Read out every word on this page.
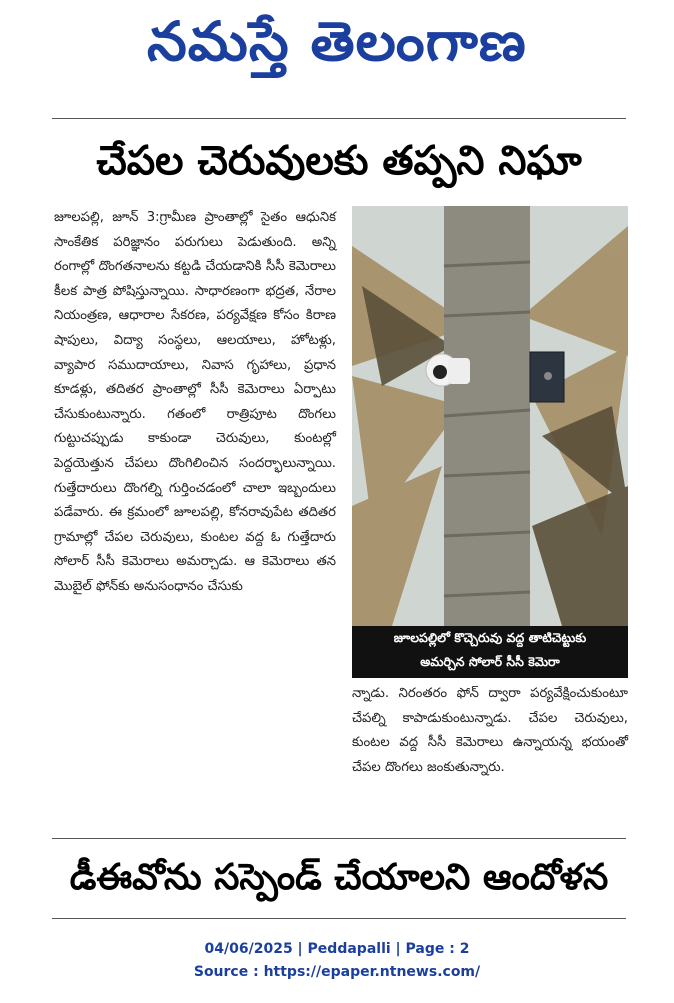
నమస్తే తెలంగాణ
చేపల చెరువులకు తప్పని నిఘా
జూలపల్లి, జూన్ 3:గ్రామీణ ప్రాంతాల్లో సైతం ఆధునిక సాంకేతిక పరిజ్ఞానం పరుగులు పెడుతుంది. అన్ని రంగాల్లో దొంగతనాలను కట్టడి చేయడానికి సీసీ కెమెరాలు కీలక పాత్ర పోషిస్తున్నాయి. సాధారణంగా భద్రత, నేరాల నియంత్రణ, ఆధారాల సేకరణ, పర్యవేక్షణ కోసం కిరాణ షాపులు, విద్యా సంస్థలు, ఆలయాలు, హోటళ్లు, వ్యాపార సముదాయాలు, నివాస గృహాలు, ప్రధాన కూడళ్లు, తదితర ప్రాంతాల్లో సీసీ కెమెరాలు ఏర్పాటు చేసుకుంటున్నారు. గతంలో రాత్రిపూట దొంగలు గుట్టుచప్పుడు కాకుండా చెరువులు, కుంటల్లో పెద్దయెత్తున చేపలు దొంగిలించిన సందర్భాలున్నాయి. గుత్తేదారులు దొంగల్ని గుర్తించడంలో చాలా ఇబ్బందులు పడేవారు. ఈ క్రమంలో జూలపల్లి, కోనరావుపేట తదితర గ్రామాల్లో చేపల చెరువులు, కుంటల వద్ద ఓ గుత్తేదారు సోలార్ సీసీ కెమెరాలు అమర్చాడు. ఆ కెమెరాలు తన మొబైల్ ఫోన్‌కు అనుసంధానం చేసుకు
జూలపల్లిలో కొచ్చెరువు వద్ద తాటిచెట్టుకు
అమర్చిన సోలార్ సీసీ కెమెరా
న్నాడు. నిరంతరం ఫోన్ ద్వారా పర్యవేక్షించుకుంటూ చేపల్ని కాపాడుకుంటున్నాడు. చేపల చెరువులు, కుంటల వద్ద సీసీ కెమెరాలు ఉన్నాయన్న భయంతో చేపల దొంగలు జంకుతున్నారు.
డీఈవోను సస్పెండ్ చేయాలని ఆందోళన
04/06/2025 | Peddapalli | Page : 2
Source : https://epaper.ntnews.com/
